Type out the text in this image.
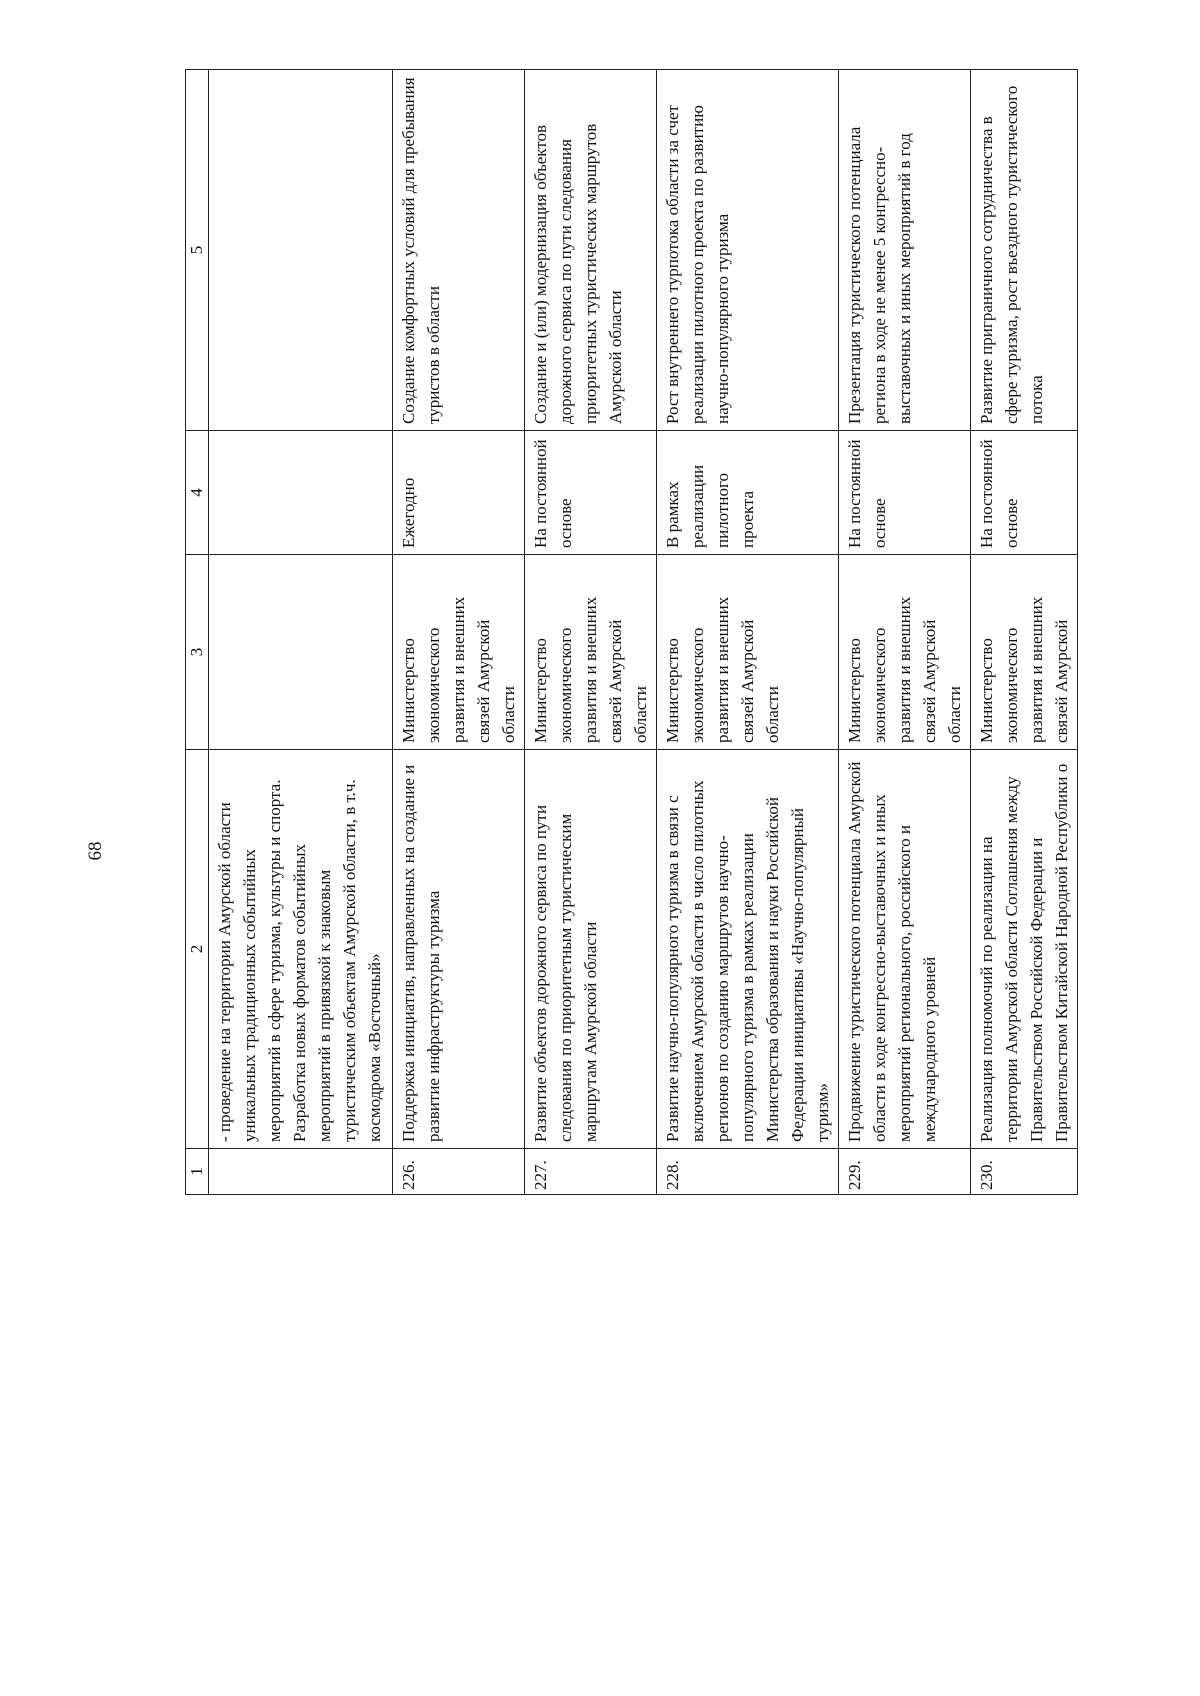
68
1	2	3	4	5
	- проведение на территории Амурской области уникальных традиционных событийных мероприятий в сфере туризма, культуры и спорта. Разработка новых форматов событийных мероприятий в привязкой к знаковым туристическим объектам Амурской области, в т.ч. космодрома «Восточный»			
226.	Поддержка инициатив, направленных на создание и развитие инфраструктуры туризма	Министерство экономического развития и внешних связей Амурской области	Ежегодно	Создание комфортных условий для пребывания туристов в области
227.	Развитие объектов дорожного сервиса по пути следования по приоритетным туристическим маршрутам Амурской области	Министерство экономического развития и внешних связей Амурской области	На постоянной основе	Создание и (или) модернизация объектов дорожного сервиса по пути следования приоритетных туристических маршрутов Амурской области
228.	Развитие научно-популярного туризма в связи с включением Амурской области в число пилотных регионов по созданию маршрутов научно-популярного туризма в рамках реализации Министерства образования и науки Российской Федерации инициативы «Научно-популярный туризм»	Министерство экономического развития и внешних связей Амурской области	В рамках реализации пилотного проекта	Рост внутреннего турпотока области за счет реализации пилотного проекта по развитию научно-популярного туризма
229.	Продвижение туристического потенциала Амурской области в ходе конгрессно-выставочных и иных мероприятий регионального, российского и международного уровней	Министерство экономического развития и внешних связей Амурской области	На постоянной основе	Презентация туристического потенциала региона в ходе не менее 5 конгрессно-выставочных и иных мероприятий в год
230.	Реализация полномочий по реализации на территории Амурской области Соглашения между Правительством Российской Федерации и Правительством Китайской Народной Республики о	Министерство экономического развития и внешних связей Амурской	На постоянной основе	Развитие приграничного сотрудничества в сфере туризма, рост въездного туристического потока
